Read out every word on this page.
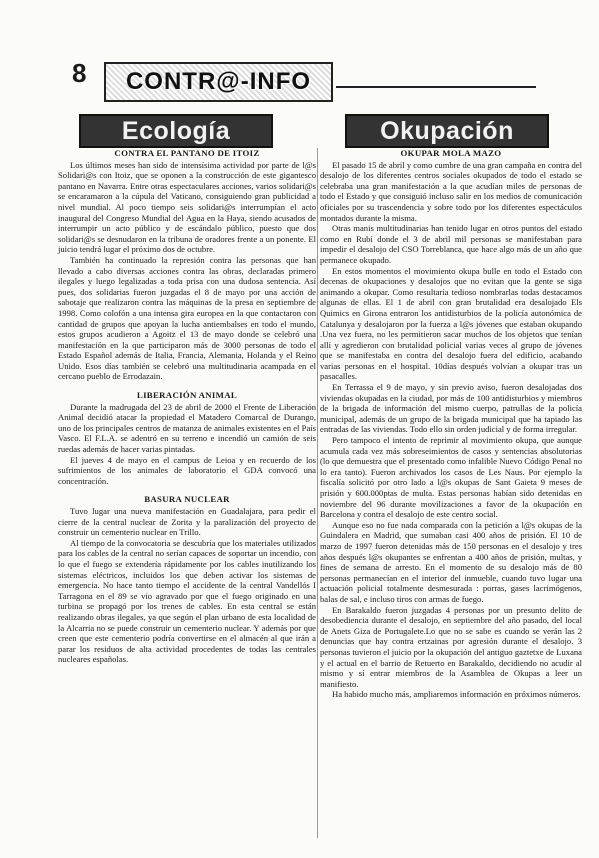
8 CONTR@-INFO
Ecología	Okupación
CONTRA EL PANTANO DE ITOIZ

Los últimos meses han sido de intensísima actividad por parte de l@s Solidari@s con Itoiz, que se oponen a la construcción de este gigantesco pantano en Navarra. Entre otras espectaculares acciones, varios solidari@s se encaramaron a la cúpula del Vaticano, consiguiendo gran publicidad a nivel mundial. Al poco tiempo seis solidari@s interrumpían el acto inaugural del Congreso Mundial del Agua en la Haya, siendo acusados de interrumpir un acto público y de escándalo público, puesto que dos solidari@s se desnudaron en la tribuna de oradores frente a un ponente. El juicio tendrá lugar el próximo dos de octubre.

También ha continuado la represión contra las personas que han llevado a cabo diversas acciones contra las obras, declaradas primero ilegales y luego legalizadas a toda prisa con una dudosa sentencia. Así pues, dos solidarias fueron juzgadas el 8 de mayo por una acción de sabotaje que realizaron contra las máquinas de la presa en septiembre de 1998. Como colofón a una intensa gira europea en la que contactaron con cantidad de grupos que apoyan la lucha antiembalses en todo el mundo, estos grupos acudieron a Agoitz el 13 de mayo donde se celebró una manifestación en la que participaron más de 3000 personas de todo el Estado Español además de Italia, Francia, Alemania, Holanda y el Reino Unido. Esos días también se celebró una multitudinaria acampada en el cercano pueblo de Errodazain.

LIBERACIÓN ANIMAL

Durante la madrugada del 23 de abril de 2000 el Frente de Liberación Animal decidió atacar la propiedad el Matadero Comarcal de Durango, uno de los principales centros de matanza de animales existentes en el País Vasco. El F.L.A. se adentró en su terreno e incendió un camión de seis ruedas además de hacer varias pintadas.

El jueves 4 de mayo en el campus de Leioa y en recuerdo de los sufrimientos de los animales de laboratorio el GDA convocó una concentración.

BASURA NUCLEAR

Tuvo lugar una nueva manifestación en Guadalajara, para pedir el cierre de la central nuclear de Zorita y la paralización del proyecto de construir un cementerio nuclear en Trillo.

Al tiempo de la convocatoria se descubría que los materiales utilizados para los cables de la central no serían capaces de soportar un incendio, con lo que el fuego se extendería rápidamente por los cables inutilizando los sistemas eléctricos, incluidos los que deben activar los sistemas de emergencia. No hace tanto tiempo el accidente de la central Vandellós I Tarragona en el 89 se vio agravado por que el fuego originado en una turbina se propagó por los trenes de cables. En esta central se están realizando obras ilegales, ya que según el plan urbano de esta localidad de la Alcarria no se puede construir un cementerio nuclear. Y además por que creen que este cementerio podría convertirse en el almacén al que irán a parar los residuos de alta actividad procedentes de todas las centrales nucleares españolas.

OKUPAR MOLA MAZO

El pasado 15 de abril y como cumbre de una gran campaña en contra del desalojo de los diferentes centros sociales okupados de todo el estado se celebraba una gran manifestación a la que acudían miles de personas de todo el Estado y que consiguió incluso salir en los medios de comunicación oficiales por su trascendencia y sobre todo por los diferentes espectáculos montados durante la misma.

Otras manis multitudinarias han tenido lugar en otros puntos del estado como en Rubí donde el 3 de abril mil personas se manifestaban para impedir el desalojo del CSO Torreblanca, que hace algo más de un año que permanece okupado.

En estos momentos el movimiento okupa bulle en todo el Estado con decenas de okupaciones y desalojos que no evitan que la gente se siga animando a okupar. Como resultaría tedioso nombrarlas todas destacamos algunas de ellas. El 1 de abril con gran brutalidad era desalojado Els Quimics en Girona entraron los antidisturbios de la policía autonómica de Catalunya y desalojaron por la fuerza a l@s jóvenes que estaban okupando .Una vez fuera, no les permitieron sacar muchos de los objetos que tenían allí y agredieron con brutalidad policial varias veces al grupo de jóvenes que se manifestaba en contra del desalojo fuera del edificio, acabando varias personas en el hospital. 10días después volvían a okupar tras un pasacalles.

En Terrassa el 9 de mayo, y sin previo aviso, fueron desalojadas dos viviendas okupadas en la ciudad, por más de 100 antidisturbios y miembros de la brigada de información del mismo cuerpo, patrullas de la policía municipal, además de un grupo de la brigada municipal que ha tapiado las entradas de las viviendas. Todo ello sin orden judicial y de forma irregular.

Pero tampoco el intento de reprimir al movimiento okupa, que aunque acumula cada vez más sobreseimientos de casos y sentencias absolutorias (lo que demuestra que el presentado como infalible Nuevo Código Penal no lo era tanto). Fueron archivados los casos de Les Naus. Por ejemplo la fiscalía solicitó por otro lado a l@s okupas de Sant Gaieta 9 meses de prisión y 600.000ptas de multa. Estas personas habían sido detenidas en noviembre del 96 durante movilizaciones a favor de la okupación en Barcelona y contra el desalojo de este centro social.

Aunque eso no fue nada comparada con la petición a l@s okupas de la Guindalera en Madrid, que sumaban casi 400 años de prisión. El 10 de marzo de 1997 fueron detenidas más de 150 personas en el desalojo y tres años después l@s okupantes se enfrentan a 400 años de prisión, multas, y fines de semana de arresto. En el momento de su desalojo más de 80 personas permanecían en el interior del inmueble, cuando tuvo lugar una actuación policial totalmente desmesurada : porras, gases lacrimógenos, balas de sal, e incluso tiros con armas de fuego.

En Barakaldo fueron juzgadas 4 personas por un presunto delito de desobediencia durante el desalojo, en septiembre del año pasado, del local de Anets Giza de Portugalete.Lo que no se sabe es cuando se verán las 2 denuncias que hay contra ertzainas por agresión durante el desalojo. 3 personas tuvieron el juicio por la okupación del antiguo gaztetxe de Luxana y el actual en el barrio de Retuerto en Barakaldo, decidiendo no acudir al mismo y sí entrar miembros de la Asamblea de Okupas a leer un manifiesto.

Ha habido mucho más, ampliaremos información en próximos números.
